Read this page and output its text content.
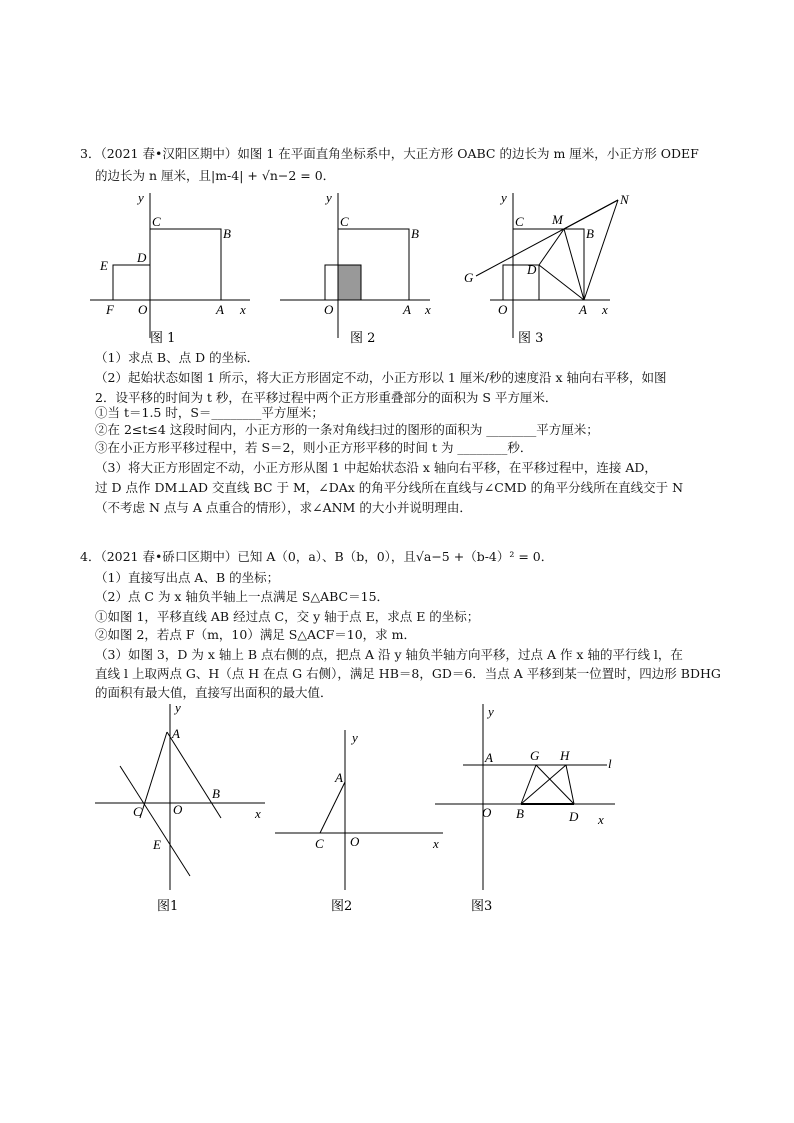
3．（2021 春•汉阳区期中）如图 1 在平面直角坐标系中，大正方形 OABC 的边长为 m 厘米，小正方形 ODEF
的边长为 n 厘米，且|m-4| + √n−2 = 0．
y
x
C
B
D
E
F O	A
图 1
y
x
C
B
O	A
图 2
y
x
C M
N
B
D
G
O	A
图 3
（1）求点 B、点 D 的坐标．
（2）起始状态如图 1 所示，将大正方形固定不动，小正方形以 1 厘米/秒的速度沿 x 轴向右平移，如图
2．设平移的时间为 t 秒，在平移过程中两个正方形重叠部分的面积为 S 平方厘米．
①当 t＝1.5 时，S＝________平方厘米；
②在 2≤t≤4 这段时间内，小正方形的一条对角线扫过的图形的面积为 ________平方厘米；
③在小正方形平移过程中，若 S＝2，则小正方形平移的时间 t 为 ________秒．
（3）将大正方形固定不动，小正方形从图 1 中起始状态沿 x 轴向右平移，在平移过程中，连接 AD，
过 D 点作 DM⊥AD 交直线 BC 于 M，∠DAx 的角平分线所在直线与∠CMD 的角平分线所在直线交于 N
（不考虑 N 点与 A 点重合的情形），求∠ANM 的大小并说明理由．
4．（2021 春•硚口区期中）已知 A（0，a）、B（b，0），且√a−5 +（b-4）² = 0．
（1）直接写出点 A、B 的坐标；
（2）点 C 为 x 轴负半轴上一点满足 S△ABC＝15．
①如图 1，平移直线 AB 经过点 C，交 y 轴于点 E，求点 E 的坐标；
②如图 2，若点 F（m，10）满足 S△ACF＝10，求 m．
（3）如图 3，D 为 x 轴上 B 点右侧的点，把点 A 沿 y 轴负半轴方向平移，过点 A 作 x 轴的平行线 l，在
直线 l 上取两点 G、H（点 H 在点 G 右侧），满足 HB＝8，GD＝6．当点 A 平移到某一位置时，四边形 BDHG
的面积有最大值，直接写出面积的最大值．
y
x
A
B
C O
E
图1
y
x
A
C O
图2
y
x
A	G H
l
O B	D
图3
